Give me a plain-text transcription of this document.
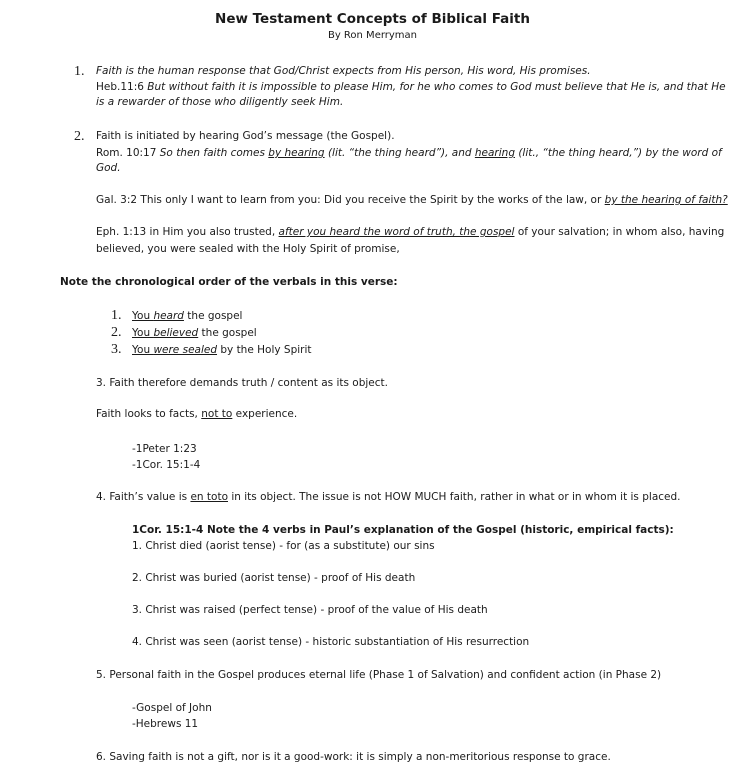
New Testament Concepts of Biblical Faith
By Ron Merryman
1. Faith is the human response that God/Christ expects from His person, His word, His promises.
Heb.11:6 But without faith it is impossible to please Him, for he who comes to God must believe that He is, and that He
is a rewarder of those who diligently seek Him.
2. Faith is initiated by hearing God’s message (the Gospel).
Rom. 10:17 So then faith comes by hearing (lit. “the thing heard”), and hearing (lit., “the thing heard,”) by the word of
God.
Gal. 3:2 This only I want to learn from you: Did you receive the Spirit by the works of the law, or by the hearing of faith?
Eph. 1:13 in Him you also trusted, after you heard the word of truth, the gospel of your salvation; in whom also, having
believed, you were sealed with the Holy Spirit of promise,
Note the chronological order of the verbals in this verse:
1. You heard the gospel
2. You believed the gospel
3. You were sealed by the Holy Spirit
3. Faith therefore demands truth / content as its object.
Faith looks to facts, not to experience.
-1Peter 1:23
-1Cor. 15:1-4
4. Faith’s value is en toto in its object. The issue is not HOW MUCH faith, rather in what or in whom it is placed.
1Cor. 15:1-4 Note the 4 verbs in Paul’s explanation of the Gospel (historic, empirical facts):
1. Christ died (aorist tense) - for (as a substitute) our sins
2. Christ was buried (aorist tense) - proof of His death
3. Christ was raised (perfect tense) - proof of the value of His death
4. Christ was seen (aorist tense) - historic substantiation of His resurrection
5. Personal faith in the Gospel produces eternal life (Phase 1 of Salvation) and confident action (in Phase 2)
-Gospel of John
-Hebrews 11
6. Saving faith is not a gift, nor is it a good-work: it is simply a non-meritorious response to grace.
